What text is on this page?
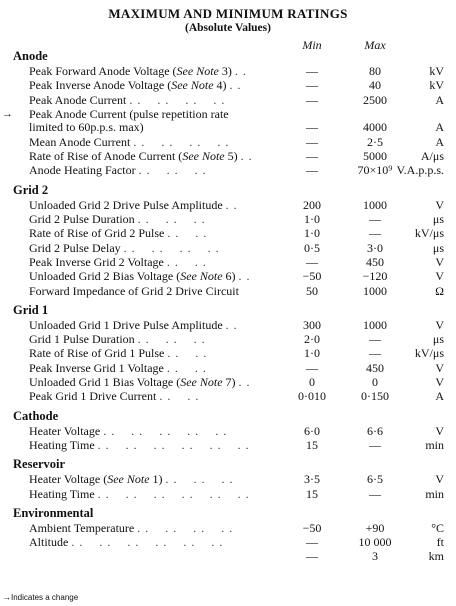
MAXIMUM AND MINIMUM RATINGS
(Absolute Values)
Min	Max
Anode
Peak Forward Anode Voltage (See Note 3) . .	—	80	kV
Peak Inverse Anode Voltage (See Note 4) . .	—	40	kV
Peak Anode Current . .    . .    . .    . .	—	2500	A
→ Peak Anode Current (pulse repetition rate limited to 60p.p.s. max)	—	4000	A
Mean Anode Current . .    . .    . .    . .	—	2·5	A
Rate of Rise of Anode Current (See Note 5) . .	—	5000	A/μs
Anode Heating Factor . .    . .    . .	—	70×10⁹ V.A.p.p.s.
Grid 2
Unloaded Grid 2 Drive Pulse Amplitude . .	200	1000	V
Grid 2 Pulse Duration . .    . .    . .	1·0	—	μs
Rate of Rise of Grid 2 Pulse . .    . .	1·0	—	kV/μs
Grid 2 Pulse Delay . .    . .    . .    . .	0·5	3·0	μs
Peak Inverse Grid 2 Voltage . .    . .	—	450	V
Unloaded Grid 2 Bias Voltage (See Note 6) . .	−50	−120	V
Forward Impedance of Grid 2 Drive Circuit	50	1000	Ω
Grid 1
Unloaded Grid 1 Drive Pulse Amplitude . .	300	1000	V
Grid 1 Pulse Duration . .    . .    . .	2·0	—	μs
Rate of Rise of Grid 1 Pulse . .    . .	1·0	—	kV/μs
Peak Inverse Grid 1 Voltage . .    . .	—	450	V
Unloaded Grid 1 Bias Voltage (See Note 7) . .	0	0	V
Peak Grid 1 Drive Current . .    . .	0·010	0·150	A
Cathode
Heater Voltage . .    . .    . .    . .    . .	6·0	6·6	V
Heating Time . .    . .    . .    . .    . .    . .	15	—	min
Reservoir
Heater Voltage (See Note 1) . .    . .    . .	3·5	6·5	V
Heating Time . .    . .    . .    . .    . .    . .	15	—	min
Environmental
Ambient Temperature . .    . .    . .    . .	−50	+90	°C
Altitude . .    . .    . .    . .    . .    . .	—	10 000	ft
—	3	km
→Indicates a change
